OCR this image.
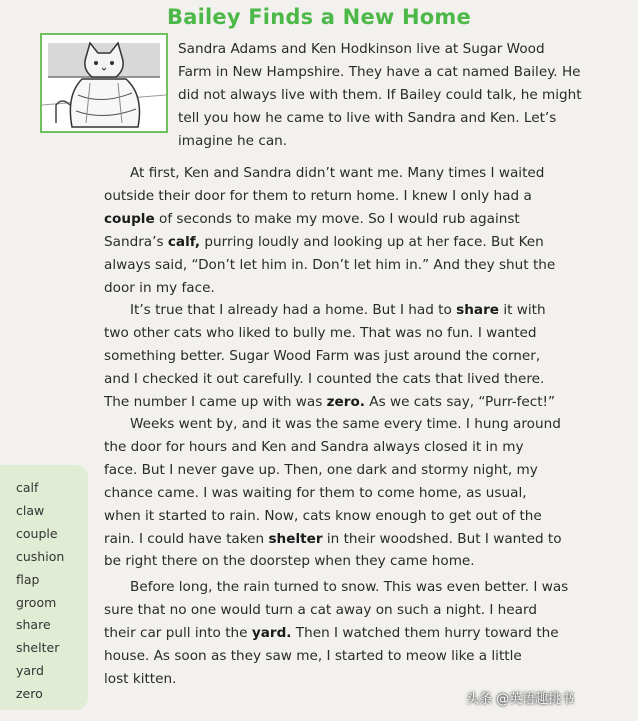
Bailey Finds a New Home
Sandra Adams and Ken Hodkinson live at Sugar Wood
Farm in New Hampshire. They have a cat named Bailey. He
did not always live with them. If Bailey could talk, he might
tell you how he came to live with Sandra and Ken. Let’s
imagine he can.
At first, Ken and Sandra didn’t want me. Many times I waited
outside their door for them to return home. I knew I only had a
couple of seconds to make my move. So I would rub against
Sandra’s calf, purring loudly and looking up at her face. But Ken
always said, “Don’t let him in. Don’t let him in.” And they shut the
door in my face.
It’s true that I already had a home. But I had to share it with
two other cats who liked to bully me. That was no fun. I wanted
something better. Sugar Wood Farm was just around the corner,
and I checked it out carefully. I counted the cats that lived there.
The number I came up with was zero. As we cats say, “Purr-fect!”
Weeks went by, and it was the same every time. I hung around
the door for hours and Ken and Sandra always closed it in my
face. But I never gave up. Then, one dark and stormy night, my
chance came. I was waiting for them to come home, as usual,
when it started to rain. Now, cats know enough to get out of the
rain. I could have taken shelter in their woodshed. But I wanted to
be right there on the doorstep when they came home.
Before long, the rain turned to snow. This was even better. I was
sure that no one would turn a cat away on such a night. I heard
their car pull into the yard. Then I watched them hurry toward the
house. As soon as they saw me, I started to meow like a little
lost kitten.
calf
claw
couple
cushion
flap
groom
share
shelter
yard
zero	头条 @英语趣挑书
